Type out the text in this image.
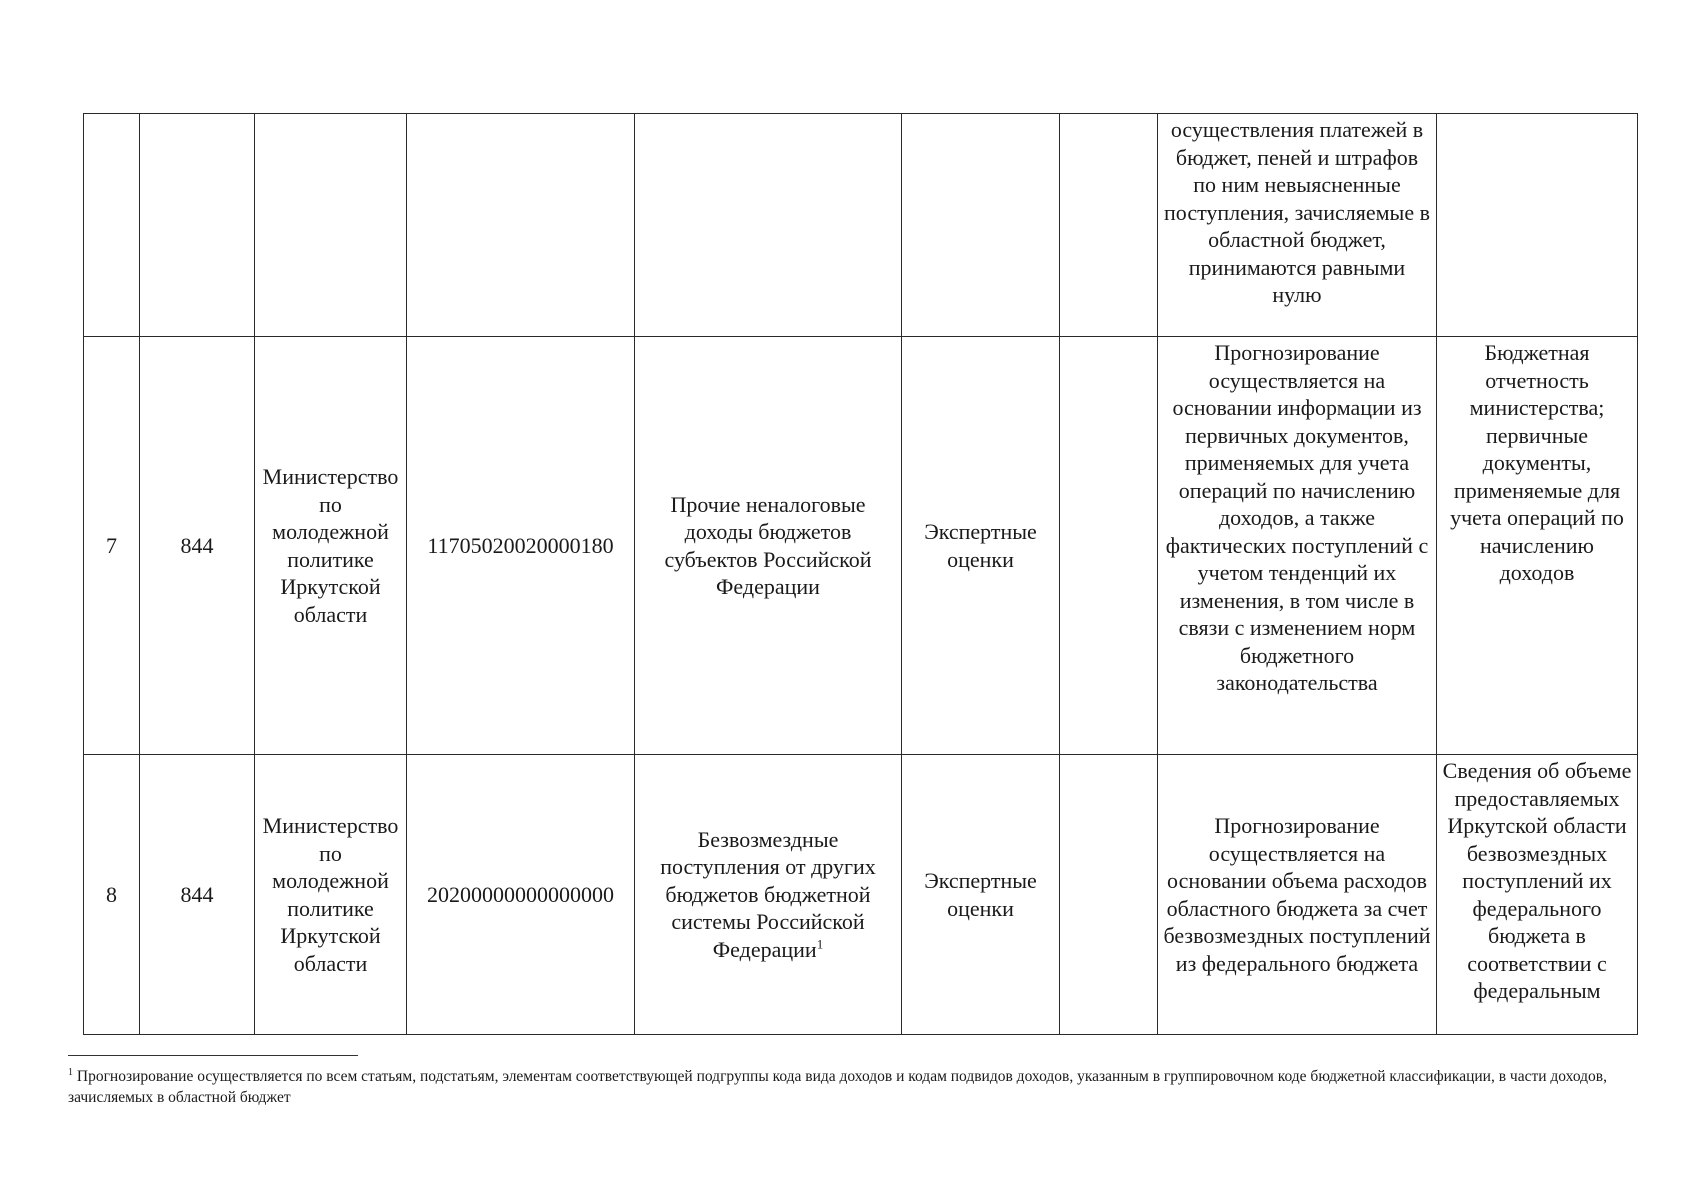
							осуществления платежей в бюджет, пеней и штрафов по ним невыясненные поступления, зачисляемые в областной бюджет, принимаются равными нулю	
7	844	Министерство по молодежной политике Иркутской области	11705020020000180	Прочие неналоговые доходы бюджетов субъектов Российской Федерации	Экспертные оценки		Прогнозирование осуществляется на основании информации из первичных документов, применяемых для учета операций по начислению доходов, а также фактических поступлений с учетом тенденций их изменения, в том числе в связи с изменением норм бюджетного законодательства	Бюджетная отчетность министерства; первичные документы, применяемые для учета операций по начислению доходов
8	844	Министерство по молодежной политике Иркутской области	20200000000000000	Безвозмездные поступления от других бюджетов бюджетной системы Российской Федерации$^1$	Экспертные оценки		Прогнозирование осуществляется на основании объема расходов областного бюджета за счет безвозмездных поступлений из федерального бюджета	Сведения об объеме предоставляемых Иркутской области безвозмездных поступлений их федерального бюджета в соответствии с федеральным
$^1$ Прогнозирование осуществляется по всем статьям, подстатьям, элементам соответствующей подгруппы кода вида доходов и кодам подвидов доходов, указанным в группировочном коде бюджетной классификации, в части доходов, зачисляемых в областной бюджет
